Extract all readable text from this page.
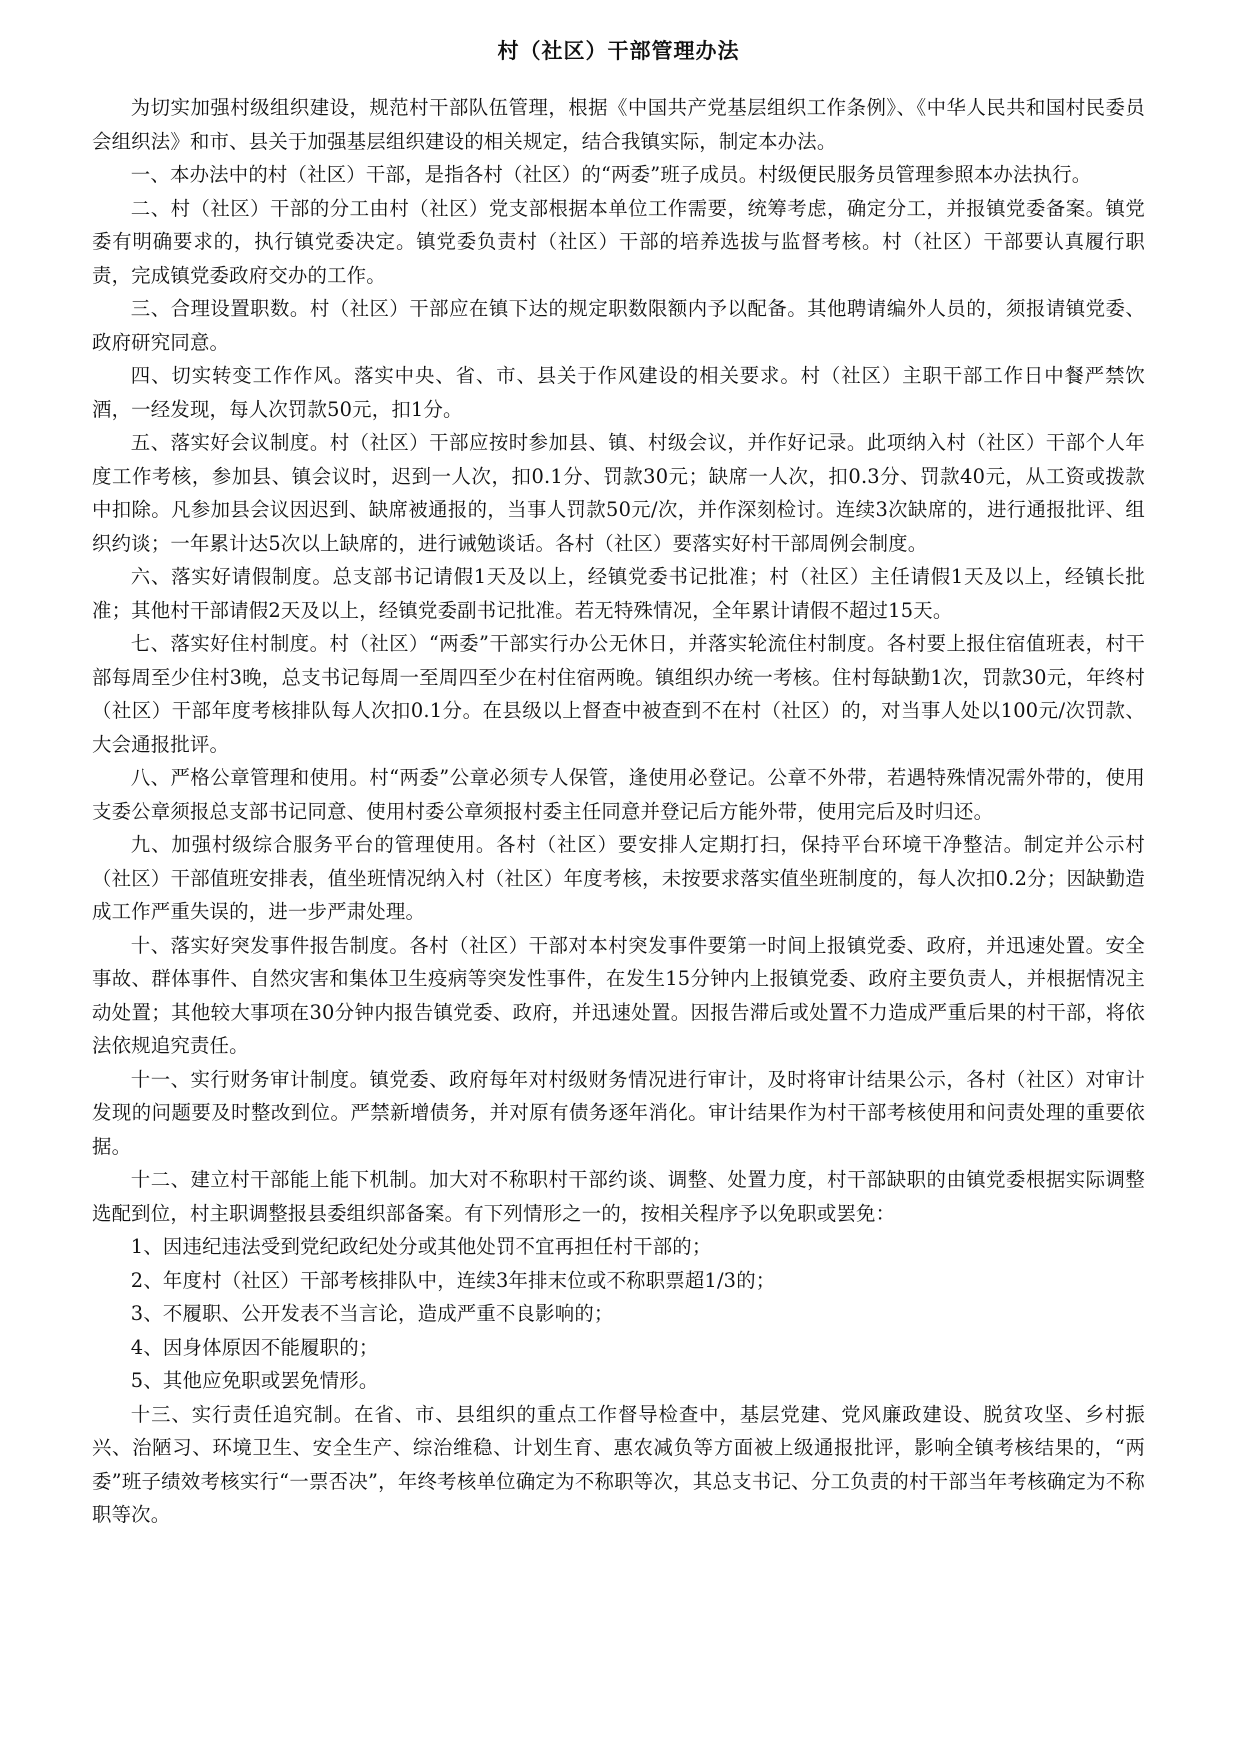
村（社区）干部管理办法

为切实加强村级组织建设，规范村干部队伍管理，根据《中国共产党基层组织工作条例》、《中华人民共和国村民委员会组织法》和市、县关于加强基层组织建设的相关规定，结合我镇实际，制定本办法。

一、本办法中的村（社区）干部，是指各村（社区）的“两委”班子成员。村级便民服务员管理参照本办法执行。

二、村（社区）干部的分工由村（社区）党支部根据本单位工作需要，统筹考虑，确定分工，并报镇党委备案。镇党委有明确要求的，执行镇党委决定。镇党委负责村（社区）干部的培养选拔与监督考核。村（社区）干部要认真履行职责，完成镇党委政府交办的工作。

三、合理设置职数。村（社区）干部应在镇下达的规定职数限额内予以配备。其他聘请编外人员的，须报请镇党委、政府研究同意。

四、切实转变工作作风。落实中央、省、市、县关于作风建设的相关要求。村（社区）主职干部工作日中餐严禁饮酒，一经发现，每人次罚款50元，扣1分。

五、落实好会议制度。村（社区）干部应按时参加县、镇、村级会议，并作好记录。此项纳入村（社区）干部个人年度工作考核，参加县、镇会议时，迟到一人次，扣0.1分、罚款30元；缺席一人次，扣0.3分、罚款40元，从工资或拨款中扣除。凡参加县会议因迟到、缺席被通报的，当事人罚款50元/次，并作深刻检讨。连续3次缺席的，进行通报批评、组织约谈；一年累计达5次以上缺席的，进行诫勉谈话。各村（社区）要落实好村干部周例会制度。

六、落实好请假制度。总支部书记请假1天及以上，经镇党委书记批准；村（社区）主任请假1天及以上，经镇长批准；其他村干部请假2天及以上，经镇党委副书记批准。若无特殊情况，全年累计请假不超过15天。

七、落实好住村制度。村（社区）“两委”干部实行办公无休日，并落实轮流住村制度。各村要上报住宿值班表，村干部每周至少住村3晚，总支书记每周一至周四至少在村住宿两晚。镇组织办统一考核。住村每缺勤1次，罚款30元，年终村（社区）干部年度考核排队每人次扣0.1分。在县级以上督查中被查到不在村（社区）的，对当事人处以100元/次罚款、大会通报批评。

八、严格公章管理和使用。村“两委”公章必须专人保管，逢使用必登记。公章不外带，若遇特殊情况需外带的，使用支委公章须报总支部书记同意、使用村委公章须报村委主任同意并登记后方能外带，使用完后及时归还。

九、加强村级综合服务平台的管理使用。各村（社区）要安排人定期打扫，保持平台环境干净整洁。制定并公示村（社区）干部值班安排表，值坐班情况纳入村（社区）年度考核，未按要求落实值坐班制度的，每人次扣0.2分；因缺勤造成工作严重失误的，进一步严肃处理。

十、落实好突发事件报告制度。各村（社区）干部对本村突发事件要第一时间上报镇党委、政府，并迅速处置。安全事故、群体事件、自然灾害和集体卫生疫病等突发性事件，在发生15分钟内上报镇党委、政府主要负责人，并根据情况主动处置；其他较大事项在30分钟内报告镇党委、政府，并迅速处置。因报告滞后或处置不力造成严重后果的村干部，将依法依规追究责任。

十一、实行财务审计制度。镇党委、政府每年对村级财务情况进行审计，及时将审计结果公示，各村（社区）对审计发现的问题要及时整改到位。严禁新增债务，并对原有债务逐年消化。审计结果作为村干部考核使用和问责处理的重要依据。

十二、建立村干部能上能下机制。加大对不称职村干部约谈、调整、处置力度，村干部缺职的由镇党委根据实际调整选配到位，村主职调整报县委组织部备案。有下列情形之一的，按相关程序予以免职或罢免：

1、因违纪违法受到党纪政纪处分或其他处罚不宜再担任村干部的；

2、年度村（社区）干部考核排队中，连续3年排末位或不称职票超1/3的；

3、不履职、公开发表不当言论，造成严重不良影响的；

4、因身体原因不能履职的；

5、其他应免职或罢免情形。

十三、实行责任追究制。在省、市、县组织的重点工作督导检查中，基层党建、党风廉政建设、脱贫攻坚、乡村振兴、治陋习、环境卫生、安全生产、综治维稳、计划生育、惠农减负等方面被上级通报批评，影响全镇考核结果的，“两委”班子绩效考核实行“一票否决”，年终考核单位确定为不称职等次，其总支书记、分工负责的村干部当年考核确定为不称职等次。
